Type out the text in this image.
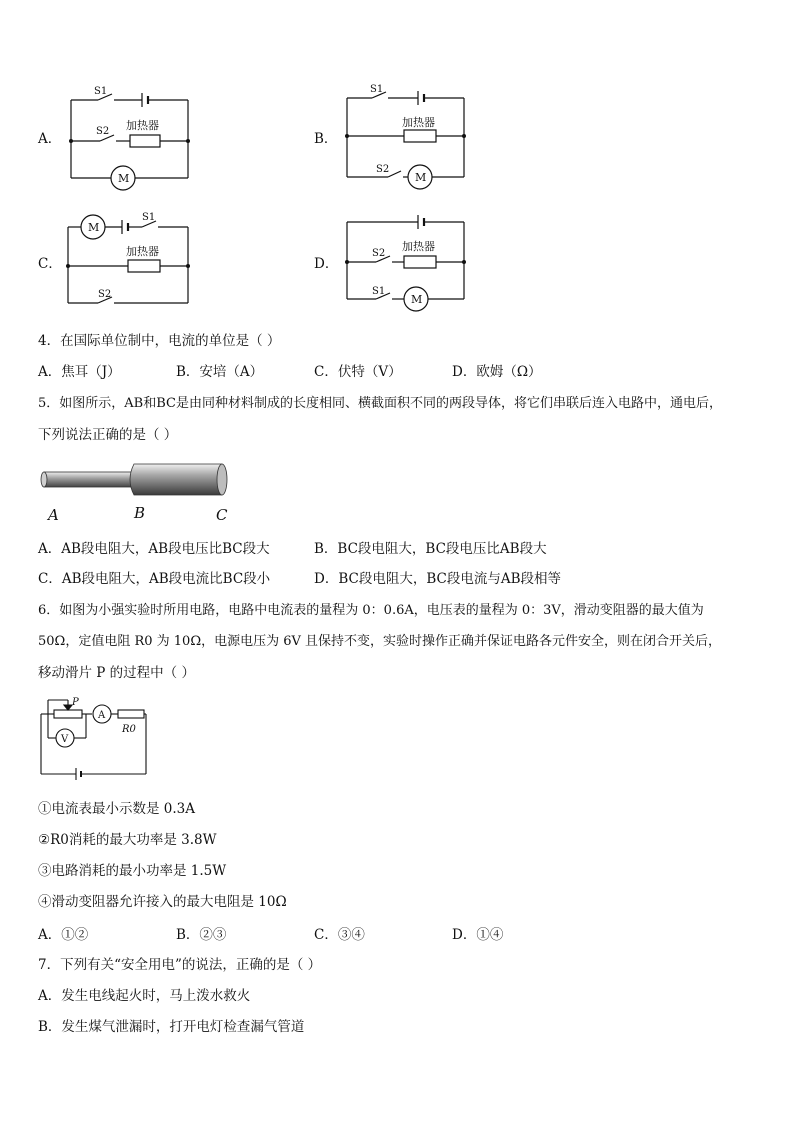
A．
S1
S2 加热器
M
B．
S1
S2
加热器
M
C．
M
S1
加热器
S2
D．
S2
加热器
S1
M
4．在国际单位制中，电流的单位是（ ）
A．焦耳（J）	B．安培（A）	C．伏特（V）	D．欧姆（Ω）
5．如图所示，AB和BC是由同种材料制成的长度相同、横截面积不同的两段导体，将它们串联后连入电路中，通电后，
下列说法正确的是（ ）
A	B	C
A．AB段电阻大，AB段电压比BC段大	B．BC段电阻大，BC段电压比AB段大
C．AB段电阻大，AB段电流比BC段小	D．BC段电阻大，BC段电流与AB段相等
6．如图为小强实验时所用电路，电路中电流表的量程为 0：0.6A，电压表的量程为 0：3V，滑动变阻器的最大值为
50Ω，定值电阻 R0 为 10Ω，电源电压为 6V 且保持不变，实验时操作正确并保证电路各元件安全，则在闭合开关后，
移动滑片 P 的过程中（ ）
P
A
V
R0
①电流表最小示数是 0.3A
②R0消耗的最大功率是 3.8W
③电路消耗的最小功率是 1.5W
④滑动变阻器允许接入的最大电阻是 10Ω
A．①②	B．②③	C．③④	D．①④
7．下列有关“安全用电”的说法，正确的是（ ）
A．发生电线起火时，马上泼水救火
B．发生煤气泄漏时，打开电灯检查漏气管道
